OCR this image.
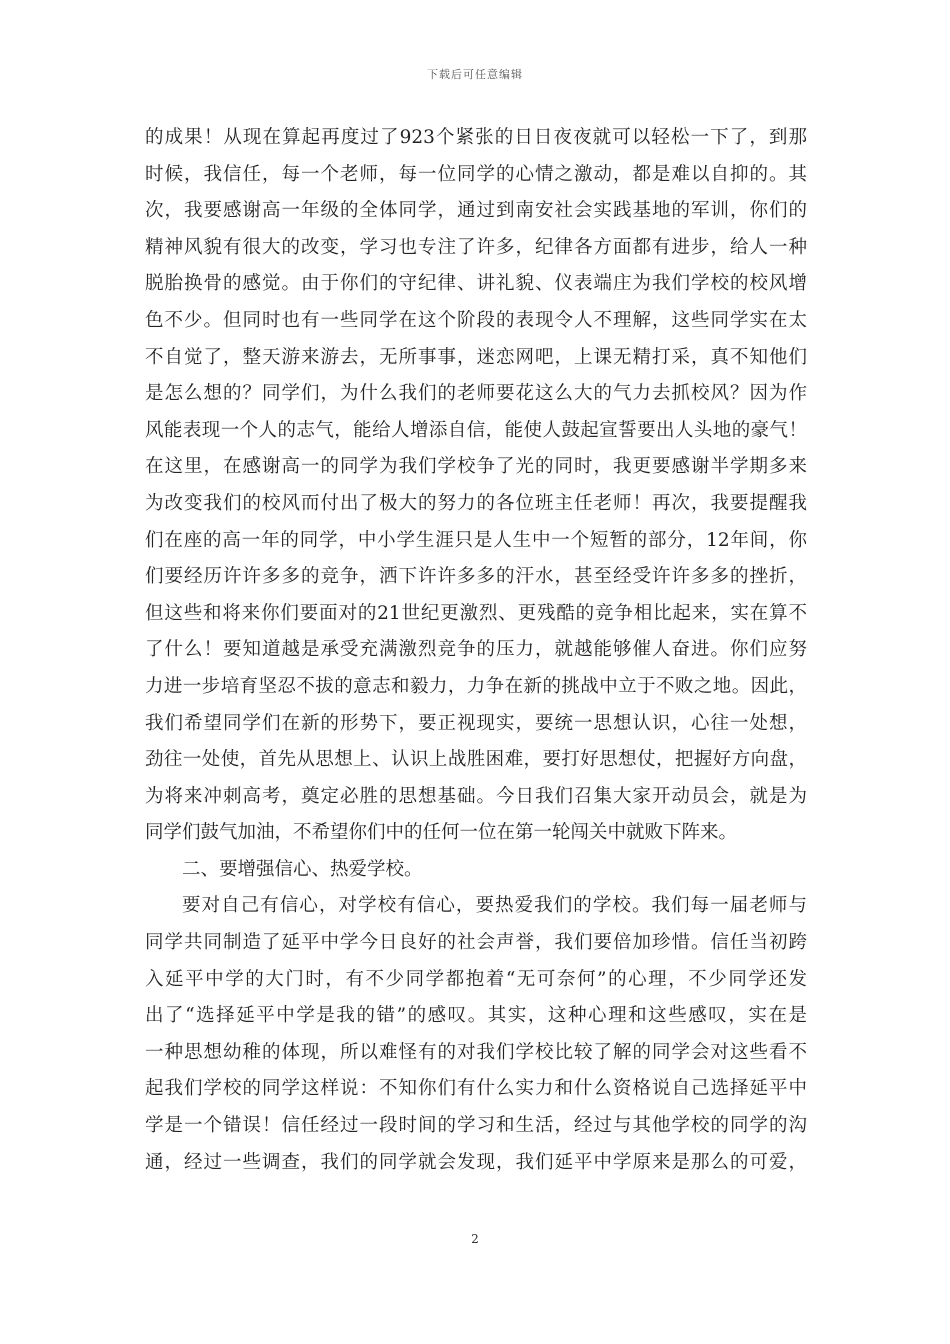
下载后可任意编辑
的成果！从现在算起再度过了923个紧张的日日夜夜就可以轻松一下了，到那
时候，我信任，每一个老师，每一位同学的心情之激动，都是难以自抑的。其
次，我要感谢高一年级的全体同学，通过到南安社会实践基地的军训，你们的
精神风貌有很大的改变，学习也专注了许多，纪律各方面都有进步，给人一种
脱胎换骨的感觉。由于你们的守纪律、讲礼貌、仪表端庄为我们学校的校风增
色不少。但同时也有一些同学在这个阶段的表现令人不理解，这些同学实在太
不自觉了，整天游来游去，无所事事，迷恋网吧，上课无精打采，真不知他们
是怎么想的？同学们，为什么我们的老师要花这么大的气力去抓校风？因为作
风能表现一个人的志气，能给人增添自信，能使人鼓起宣誓要出人头地的豪气！
在这里，在感谢高一的同学为我们学校争了光的同时，我更要感谢半学期多来
为改变我们的校风而付出了极大的努力的各位班主任老师！再次，我要提醒我
们在座的高一年的同学，中小学生涯只是人生中一个短暂的部分，12年间，你
们要经历许许多多的竞争，洒下许许多多的汗水，甚至经受许许多多的挫折，
但这些和将来你们要面对的21世纪更激烈、更残酷的竞争相比起来，实在算不
了什么！要知道越是承受充满激烈竞争的压力，就越能够催人奋进。你们应努
力进一步培育坚忍不拔的意志和毅力，力争在新的挑战中立于不败之地。因此，
我们希望同学们在新的形势下，要正视现实，要统一思想认识，心往一处想，
劲往一处使，首先从思想上、认识上战胜困难，要打好思想仗，把握好方向盘，
为将来冲刺高考，奠定必胜的思想基础。今日我们召集大家开动员会，就是为
同学们鼓气加油，不希望你们中的任何一位在第一轮闯关中就败下阵来。
二、要增强信心、热爱学校。
要对自己有信心，对学校有信心，要热爱我们的学校。我们每一届老师与
同学共同制造了延平中学今日良好的社会声誉，我们要倍加珍惜。信任当初跨
入延平中学的大门时，有不少同学都抱着“无可奈何”的心理，不少同学还发
出了“选择延平中学是我的错”的感叹。其实，这种心理和这些感叹，实在是
一种思想幼稚的体现，所以难怪有的对我们学校比较了解的同学会对这些看不
起我们学校的同学这样说：不知你们有什么实力和什么资格说自己选择延平中
学是一个错误！信任经过一段时间的学习和生活，经过与其他学校的同学的沟
通，经过一些调查，我们的同学就会发现，我们延平中学原来是那么的可爱，
2
